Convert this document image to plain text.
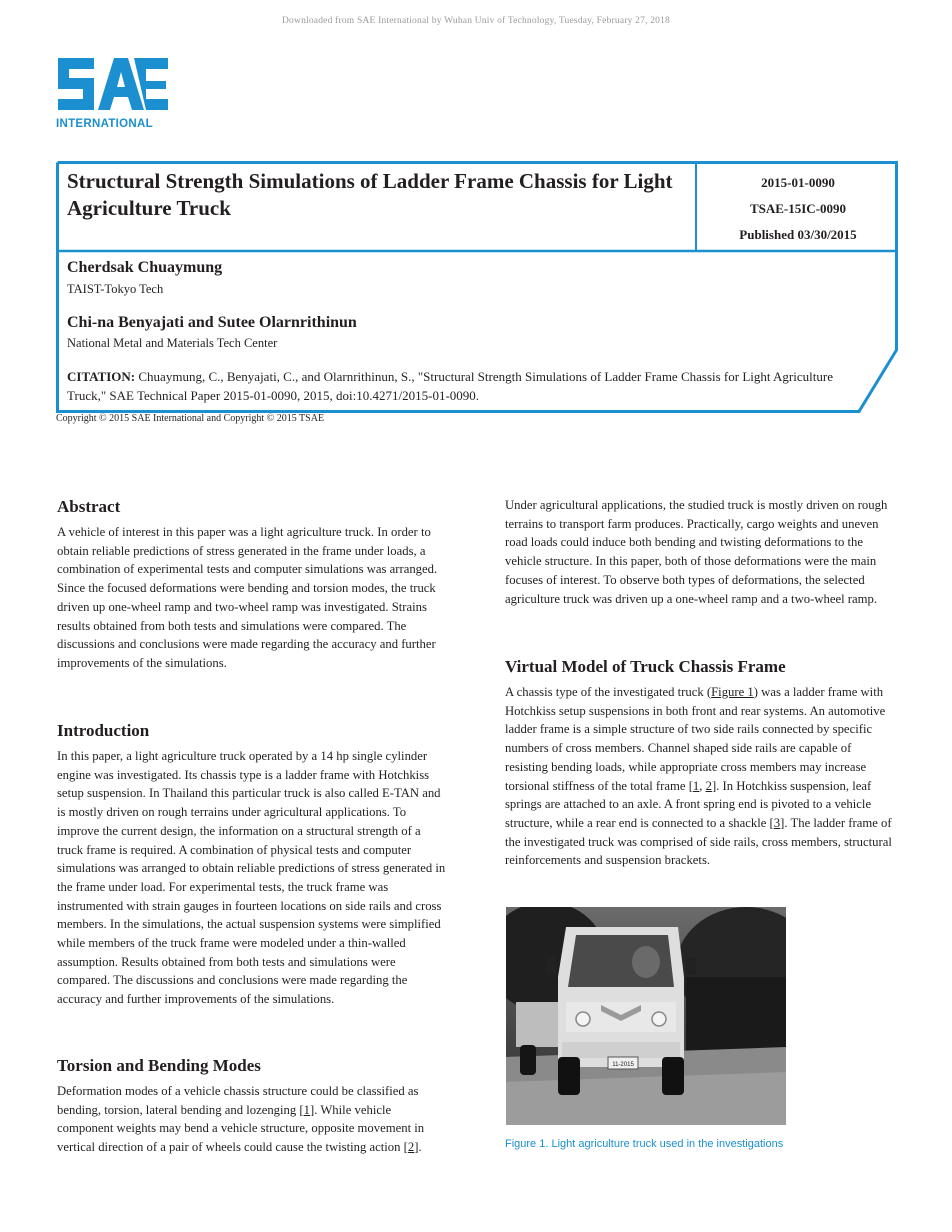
Downloaded from SAE International by Wuhan Univ of Technology, Tuesday, February 27, 2018
INTERNATIONAL
Structural Strength Simulations of Ladder Frame Chassis for Light Agriculture Truck
2015-01-0090
TSAE-15IC-0090
Published 03/30/2015
Cherdsak Chuaymung
TAIST-Tokyo Tech
Chi-na Benyajati and Sutee Olarnrithinun
National Metal and Materials Tech Center
CITATION: Chuaymung, C., Benyajati, C., and Olarnrithinun, S., "Structural Strength Simulations of Ladder Frame Chassis for Light Agriculture Truck," SAE Technical Paper 2015-01-0090, 2015, doi:10.4271/2015-01-0090.
Copyright © 2015 SAE International and Copyright © 2015 TSAE
Abstract

A vehicle of interest in this paper was a light agriculture truck. In order to obtain reliable predictions of stress generated in the frame under loads, a combination of experimental tests and computer simulations was arranged. Since the focused deformations were bending and torsion modes, the truck driven up one-wheel ramp and two-wheel ramp was investigated. Strains results obtained from both tests and simulations were compared. The discussions and conclusions were made regarding the accuracy and further improvements of the simulations.

Introduction

In this paper, a light agriculture truck operated by a 14 hp single cylinder engine was investigated. Its chassis type is a ladder frame with Hotchkiss setup suspension. In Thailand this particular truck is also called E-TAN and is mostly driven on rough terrains under agricultural applications. To improve the current design, the information on a structural strength of a truck frame is required. A combination of physical tests and computer simulations was arranged to obtain reliable predictions of stress generated in the frame under load. For experimental tests, the truck frame was instrumented with strain gauges in fourteen locations on side rails and cross members. In the simulations, the actual suspension systems were simplified while members of the truck frame were modeled under a thin-walled assumption. Results obtained from both tests and simulations were compared. The discussions and conclusions were made regarding the accuracy and further improvements of the simulations.

Torsion and Bending Modes

Deformation modes of a vehicle chassis structure could be classified as bending, torsion, lateral bending and lozenging [1]. While vehicle component weights may bend a vehicle structure, opposite movement in vertical direction of a pair of wheels could cause the twisting action [2].

Under agricultural applications, the studied truck is mostly driven on rough terrains to transport farm produces. Practically, cargo weights and uneven road loads could induce both bending and twisting deformations to the vehicle structure. In this paper, both of those deformations were the main focuses of interest. To observe both types of deformations, the selected agriculture truck was driven up a one-wheel ramp and a two-wheel ramp.

Virtual Model of Truck Chassis Frame

A chassis type of the investigated truck (Figure 1) was a ladder frame with Hotchkiss setup suspensions in both front and rear systems. An automotive ladder frame is a simple structure of two side rails connected by specific numbers of cross members. Channel shaped side rails are capable of resisting bending loads, while appropriate cross members may increase torsional stiffness of the total frame [1, 2]. In Hotchkiss suspension, leaf springs are attached to an axle. A front spring end is pivoted to a vehicle structure, while a rear end is connected to a shackle [3]. The ladder frame of the investigated truck was comprised of side rails, cross members, structural reinforcements and suspension brackets.

11-2015
Figure 1. Light agriculture truck used in the investigations
